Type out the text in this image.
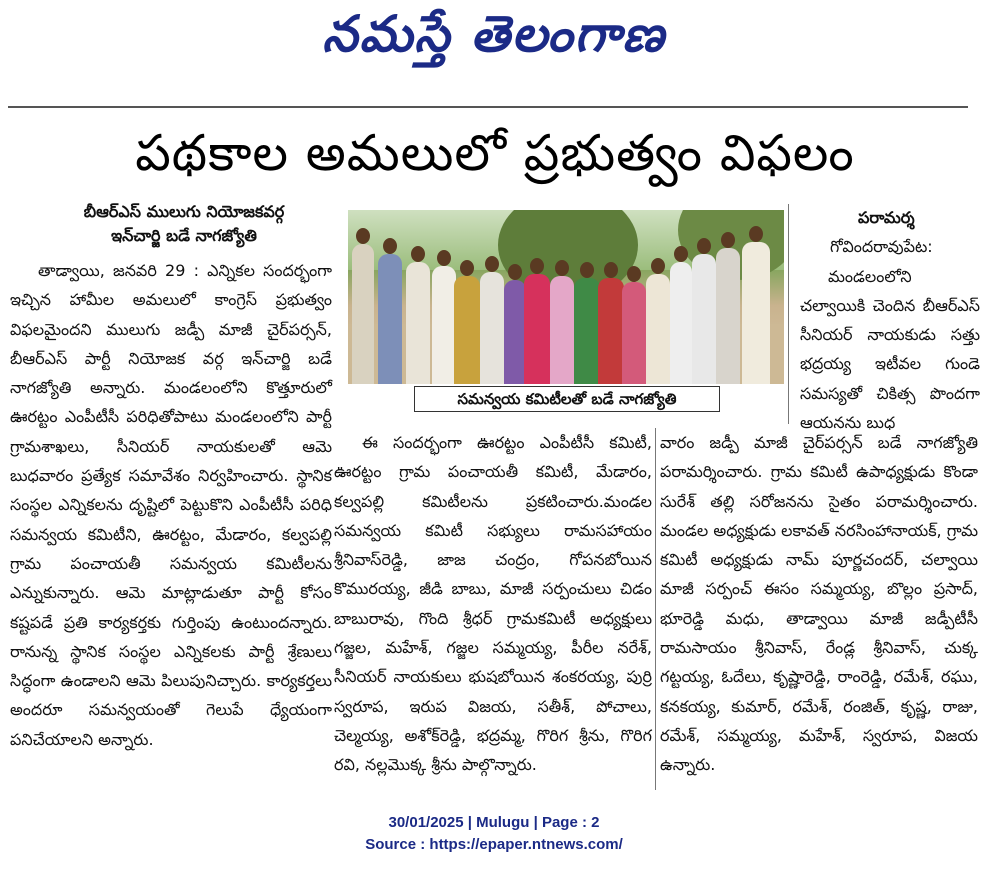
నమస్తే తెలంగాణ
పథకాల అమలులో ప్రభుత్వం విఫలం
బీఆర్ఎస్ ములుగు నియోజకవర్గ
ఇన్‌చార్జి బడే నాగజ్యోతి

తాడ్వాయి, జనవరి 29 : ఎన్నికల సందర్భంగా ఇచ్చిన హామీల అమలులో కాంగ్రెస్ ప్రభుత్వం విఫలమైందని ములుగు జడ్పీ మాజీ చైర్‌పర్సన్, బీఆర్ఎస్ పార్టీ నియోజక వర్గ ఇన్‌చార్జి బడే నాగజ్యోతి అన్నారు. మండలంలోని కొత్తూరులో ఊరట్టం ఎంపీటీసీ పరిధితోపాటు మండలంలోని పార్టీ గ్రామశాఖలు, సీనియర్ నాయకులతో ఆమె బుధవారం ప్రత్యేక సమావేశం నిర్వహించారు. స్థానిక సంస్థల ఎన్నికలను దృష్టిలో పెట్టుకొని ఎంపీటీసీ పరిధి సమన్వయ కమిటీని, ఊరట్టం, మేడారం, కల్వపల్లి గ్రామ పంచాయతీ సమన్వయ కమిటీలను ఎన్నుకున్నారు. ఆమె మాట్లాడుతూ పార్టీ కోసం కష్టపడే ప్రతి కార్యకర్తకు గుర్తింపు ఉంటుందన్నారు. రానున్న స్థానిక సంస్థల ఎన్నికలకు పార్టీ శ్రేణులు సిద్ధంగా ఉండాలని ఆమె పిలుపునిచ్చారు. కార్యకర్తలు అందరూ సమన్వయంతో గెలుపే ధ్యేయంగా పనిచేయాలని అన్నారు.

సమన్వయ కమిటీలతో బడే నాగజ్యోతి

ఈ సందర్భంగా ఊరట్టం ఎంపీటీసీ కమిటీ, ఊరట్టం గ్రామ పంచాయతీ కమిటీ, మేడారం, కల్వపల్లి కమిటీలను ప్రకటించారు.మండల సమన్వయ కమిటీ సభ్యులు రామసహాయం శ్రీనివాస్‌రెడ్డి, జాజ చంద్రం, గోపనబోయిన కొమురయ్య, జీడి బాబు, మాజీ సర్పంచులు చిడం బాబురావు, గొంది శ్రీధర్ గ్రామకమిటీ అధ్యక్షులు గజ్జల, మహేశ్, గజ్జల సమ్మయ్య, పీరీల నరేశ్, సీనియర్ నాయకులు భుషబోయిన శంకరయ్య, పుర్రి స్వరూప, ఇరుప విజయ, సతీశ్, పోచాలు, చెల్మయ్య, అశోక్‌రెడ్డి, భద్రమ్మ, గొరిగ శ్రీను, గొరిగ రవి, నల్లమొక్క శ్రీను పాల్గొన్నారు.

పరామర్శ
గోవిందరావుపేట:

మండలంలోని చల్వాయికి చెందిన బీఆర్ఎస్ సీనియర్ నాయకుడు సత్తు భద్రయ్య ఇటీవల గుండె సమస్యతో చికిత్స పొందగా ఆయనను బుధ

వారం జడ్పీ మాజీ చైర్‌పర్సన్ బడే నాగజ్యోతి పరామర్శించారు. గ్రామ కమిటీ ఉపాధ్యక్షుడు కొండా సురేశ్ తల్లి సరోజనను సైతం పరామర్శించారు. మండల అధ్యక్షుడు లకావత్ నరసింహానాయక్, గ్రామ కమిటీ అధ్యక్షుడు నామ్ పూర్ణచందర్, చల్వాయి మాజీ సర్పంచ్ ఈసం సమ్మయ్య, బొల్లం ప్రసాద్, భూరెడ్డి మధు, తాడ్వాయి మాజీ జడ్పీటీసీ రామసాయం శ్రీనివాస్, రేండ్ల శ్రీనివాస్, చుక్క గట్టయ్య, ఓదేలు, కృష్ణారెడ్డి, రాంరెడ్డి, రమేశ్, రఘు, కనకయ్య, కుమార్, రమేశ్, రంజిత్, కృష్ణ, రాజు, రమేశ్, సమ్మయ్య, మహేశ్, స్వరూప, విజయ ఉన్నారు.

30/01/2025 | Mulugu | Page : 2
Source : https://epaper.ntnews.com/
